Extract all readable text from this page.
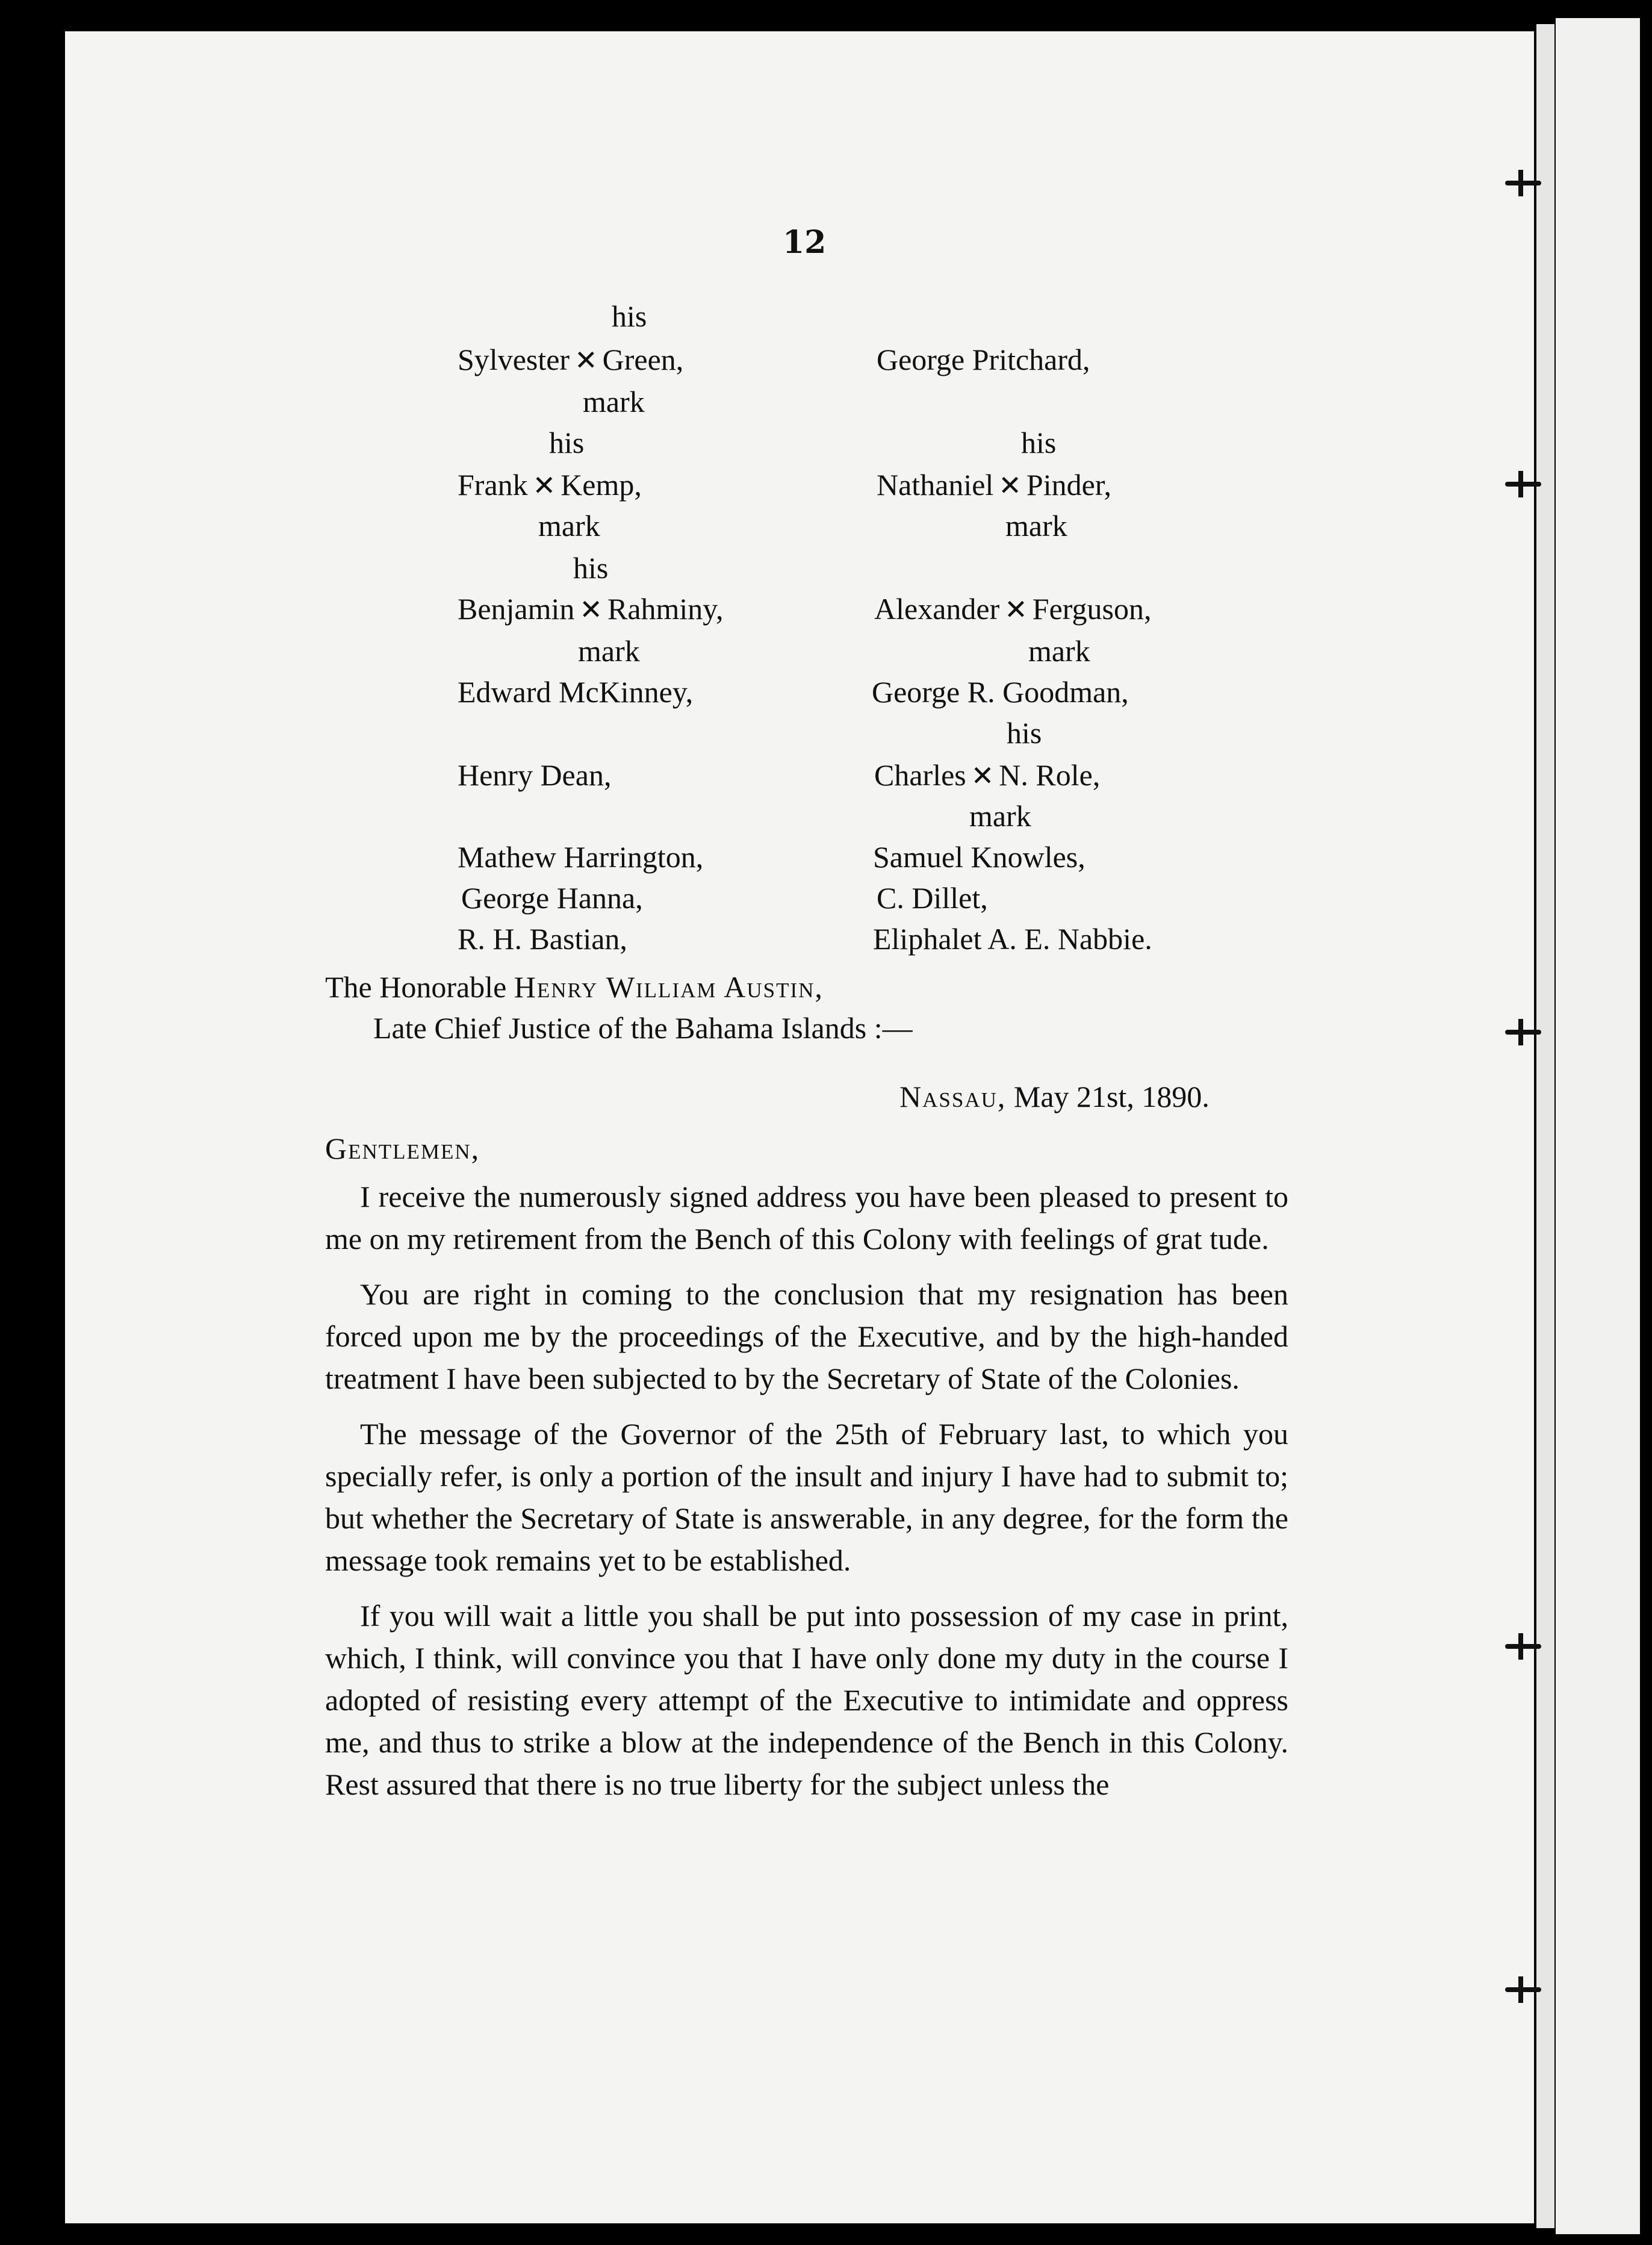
12
his
Sylvester ✕ Green,
mark
his
Frank ✕ Kemp,
mark
his
Benjamin ✕ Rahminy,
mark
Edward McKinney,
Henry Dean,
Mathew Harrington,
George Hanna,
R. H. Bastian,
George Pritchard,
his
Nathaniel ✕ Pinder,
mark
Alexander ✕ Ferguson,
mark
George R. Goodman,
his
Charles ✕ N. Role,
mark
Samuel Knowles,
C. Dillet,
Eliphalet A. E. Nabbie.
The Honorable Henry William Austin,
Late Chief Justice of the Bahama Islands :—
Nassau, May 21st, 1890.
Gentlemen,

I receive the numerously signed address you have been pleased to present to me on my retirement from the Bench of this Colony with feelings of grat tude.

You are right in coming to the conclusion that my resignation has been forced upon me by the proceedings of the Executive, and by the high-handed treatment I have been subjected to by the Secretary of State of the Colonies.

The message of the Governor of the 25th of February last, to which you specially refer, is only a portion of the insult and injury I have had to submit to; but whether the Secretary of State is answerable, in any degree, for the form the message took remains yet to be established.

If you will wait a little you shall be put into possession of my case in print, which, I think, will convince you that I have only done my duty in the course I adopted of resisting every attempt of the Executive to intimidate and oppress me, and thus to strike a blow at the independence of the Bench in this Colony. Rest assured that there is no true liberty for the subject unless the
